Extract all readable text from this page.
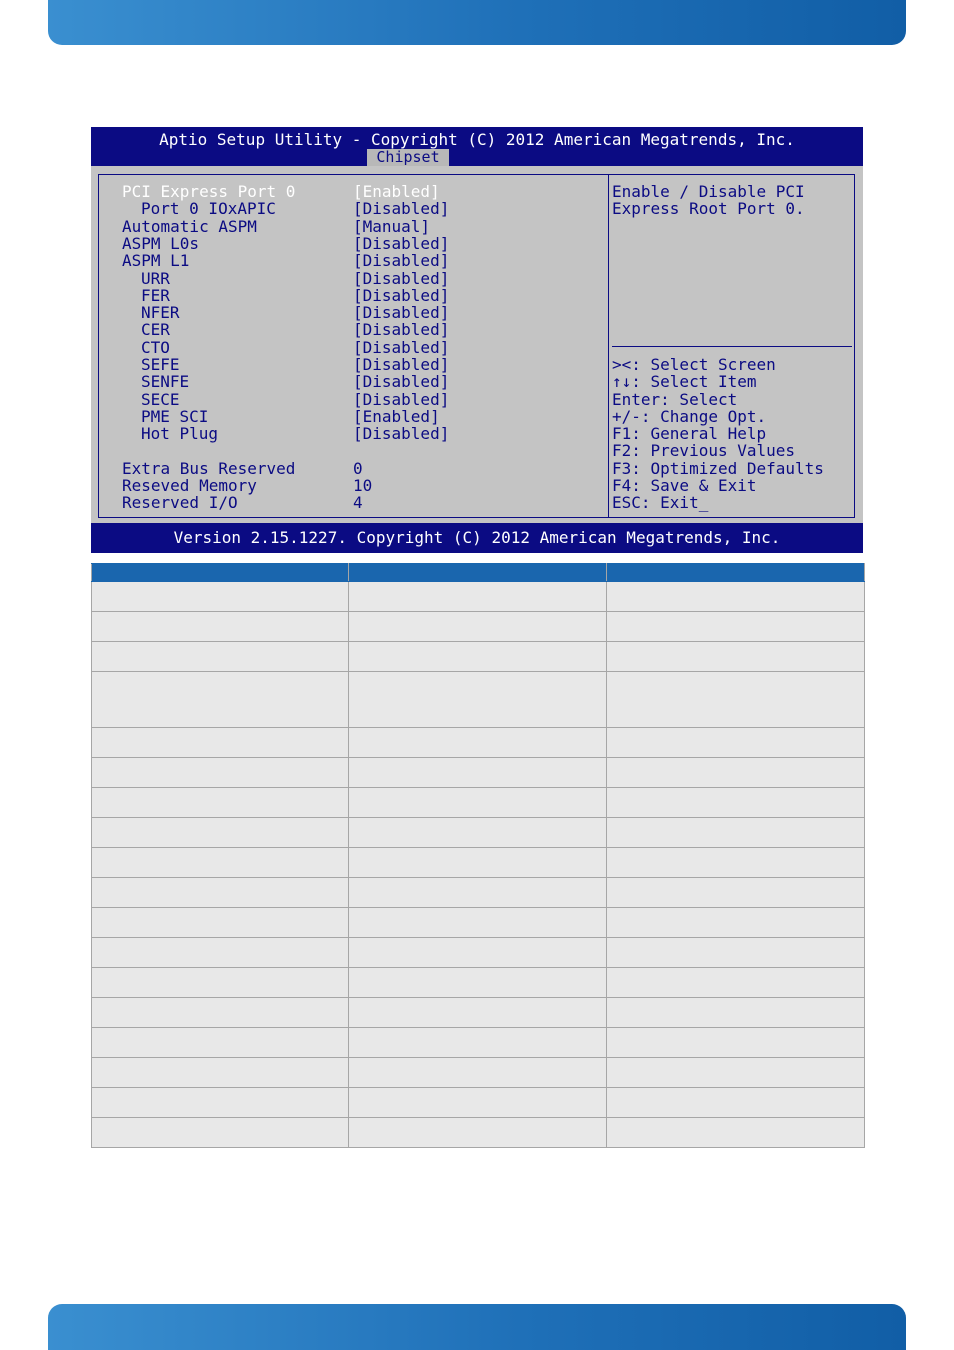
Aptio Setup Utility - Copyright (C) 2012 American Megatrends, Inc.
Chipset
PCI Express Port 0	[Enabled]
Port 0 IOxAPIC	[Disabled]
Automatic ASPM	[Manual]
ASPM L0s	[Disabled]
ASPM L1	[Disabled]
URR	[Disabled]
FER	[Disabled]
NFER	[Disabled]
CER	[Disabled]
CTO	[Disabled]
SEFE	[Disabled]
SENFE	[Disabled]
SECE	[Disabled]
PME SCI	[Enabled]
Hot Plug	[Disabled]
Extra Bus Reserved	0
Reseved Memory	10
Reserved I/O	4
Enable / Disable PCI
Express Root Port 0.
><: Select Screen
↑↓: Select Item
Enter: Select
+/-: Change Opt.
F1: General Help
F2: Previous Values
F3: Optimized Defaults
F4: Save & Exit
ESC: Exit_
Version 2.15.1227. Copyright (C) 2012 American Megatrends, Inc.
